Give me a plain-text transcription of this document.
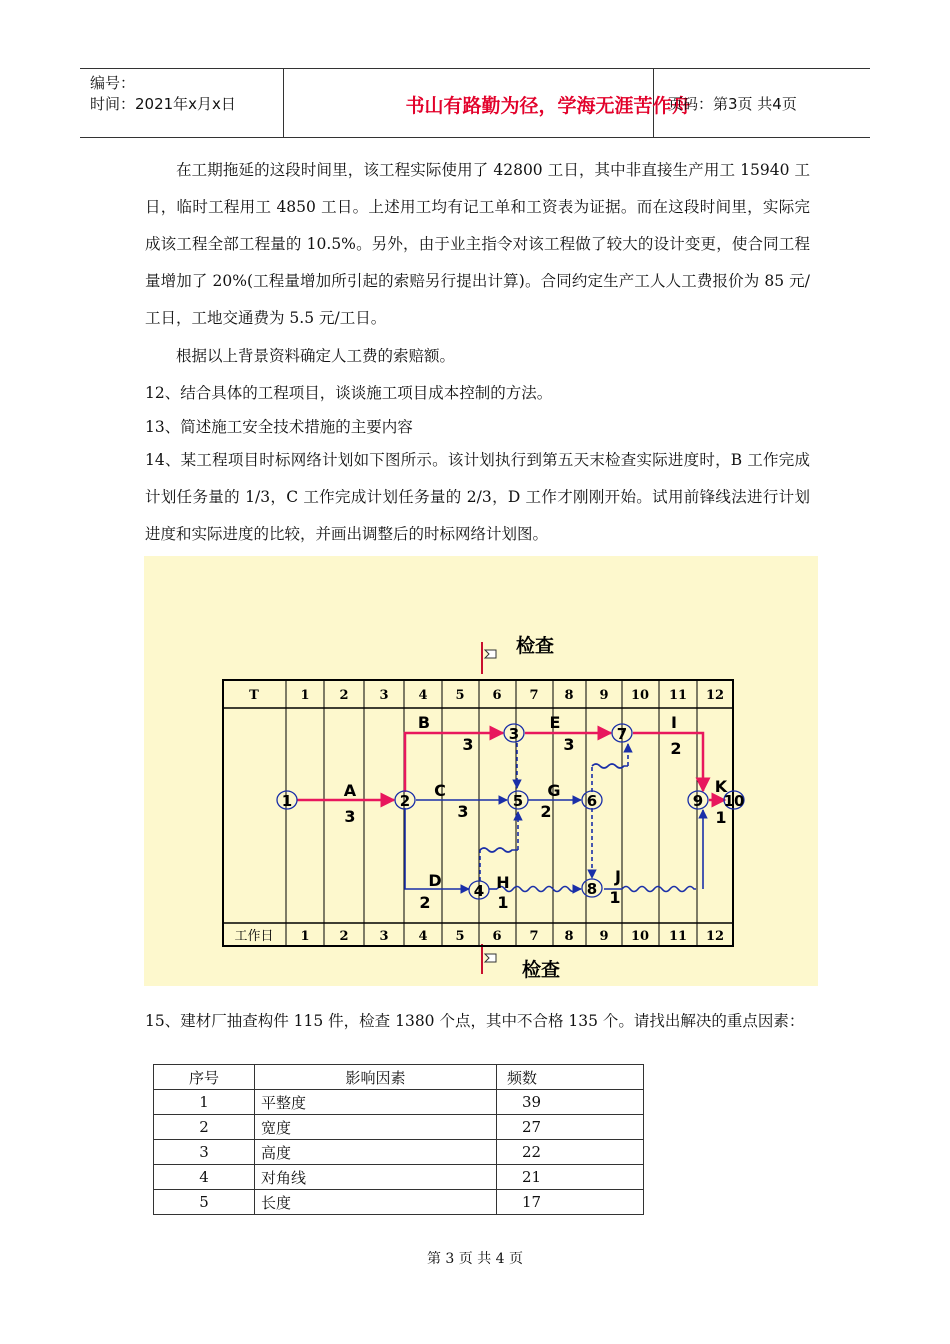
编号：
时间：2021年x月x日	书山有路勤为径，学海无涯苦作舟
页码：第3页 共4页

在工期拖延的这段时间里，该工程实际使用了 42800 工日，其中非直接生产用工 15940 工日，临时工程用工 4850 工日。上述用工均有记工单和工资表为证据。而在这段时间里，实际完成该工程全部工程量的 10.5%。另外，由于业主指令对该工程做了较大的设计变更，使合同工程量增加了 20%(工程量增加所引起的索赔另行提出计算)。合同约定生产工人人工费报价为 85 元/工日，工地交通费为 5.5 元/工日。

根据以上背景资料确定人工费的索赔额。

12、结合具体的工程项目，谈谈施工项目成本控制的方法。
13、简述施工安全技术措施的主要内容

14、某工程项目时标网络计划如下图所示。该计划执行到第五天末检查实际进度时，B 工作完成计划任务量的 1/3，C 工作完成计划任务量的 2/3，D 工作才刚刚开始。试用前锋线法进行计划进度和实际进度的比较，并画出调整后的时标网络计划图。

检查
检查
T	1 2 3 4 5 6 7 8 9 10 11 12
工作日 1 2 3 4 5 6 7 8 9 10 11 12
1	2
3
4
5	6
7
8
9 10
A
3
B
3
C
3
D
2
E
3
G
2
H
1
I
2
J
1
K
1
15、建材厂抽查构件 115 件，检查 1380 个点，其中不合格 135 个。请找出解决的重点因素：
序号	影响因素	频数
1	平整度	39
2	宽度	27
3	高度	22
4	对角线	21
5	长度	17
第 3 页 共 4 页
